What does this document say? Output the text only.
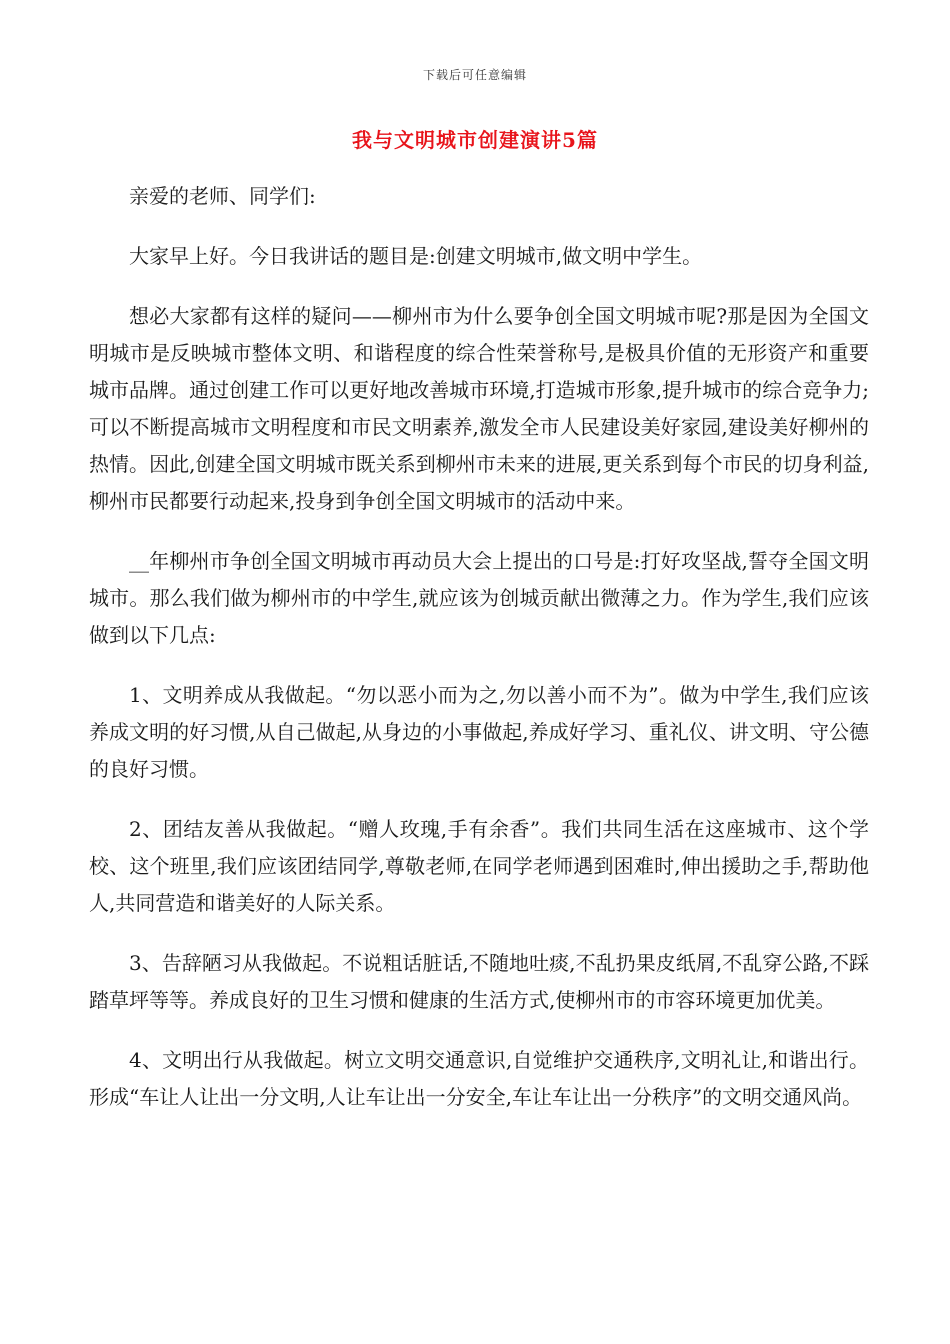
下载后可任意编辑
我与文明城市创建演讲5篇

亲爱的老师、同学们:

大家早上好。今日我讲话的题目是:创建文明城市,做文明中学生。

想必大家都有这样的疑问——柳州市为什么要争创全国文明城市呢?那是因为全国文明城市是反映城市整体文明、和谐程度的综合性荣誉称号,是极具价值的无形资产和重要城市品牌。通过创建工作可以更好地改善城市环境,打造城市形象,提升城市的综合竞争力;可以不断提高城市文明程度和市民文明素养,激发全市人民建设美好家园,建设美好柳州的热情。因此,创建全国文明城市既关系到柳州市未来的进展,更关系到每个市民的切身利益,柳州市民都要行动起来,投身到争创全国文明城市的活动中来。

__年柳州市争创全国文明城市再动员大会上提出的口号是:打好攻坚战,誓夺全国文明城市。那么我们做为柳州市的中学生,就应该为创城贡献出微薄之力。作为学生,我们应该做到以下几点:

1、文明养成从我做起。“勿以恶小而为之,勿以善小而不为”。做为中学生,我们应该养成文明的好习惯,从自己做起,从身边的小事做起,养成好学习、重礼仪、讲文明、守公德的良好习惯。

2、团结友善从我做起。“赠人玫瑰,手有余香”。我们共同生活在这座城市、这个学校、这个班里,我们应该团结同学,尊敬老师,在同学老师遇到困难时,伸出援助之手,帮助他人,共同营造和谐美好的人际关系。

3、告辞陋习从我做起。不说粗话脏话,不随地吐痰,不乱扔果皮纸屑,不乱穿公路,不踩踏草坪等等。养成良好的卫生习惯和健康的生活方式,使柳州市的市容环境更加优美。

4、文明出行从我做起。树立文明交通意识,自觉维护交通秩序,文明礼让,和谐出行。形成“车让人让出一分文明,人让车让出一分安全,车让车让出一分秩序”的文明交通风尚。
